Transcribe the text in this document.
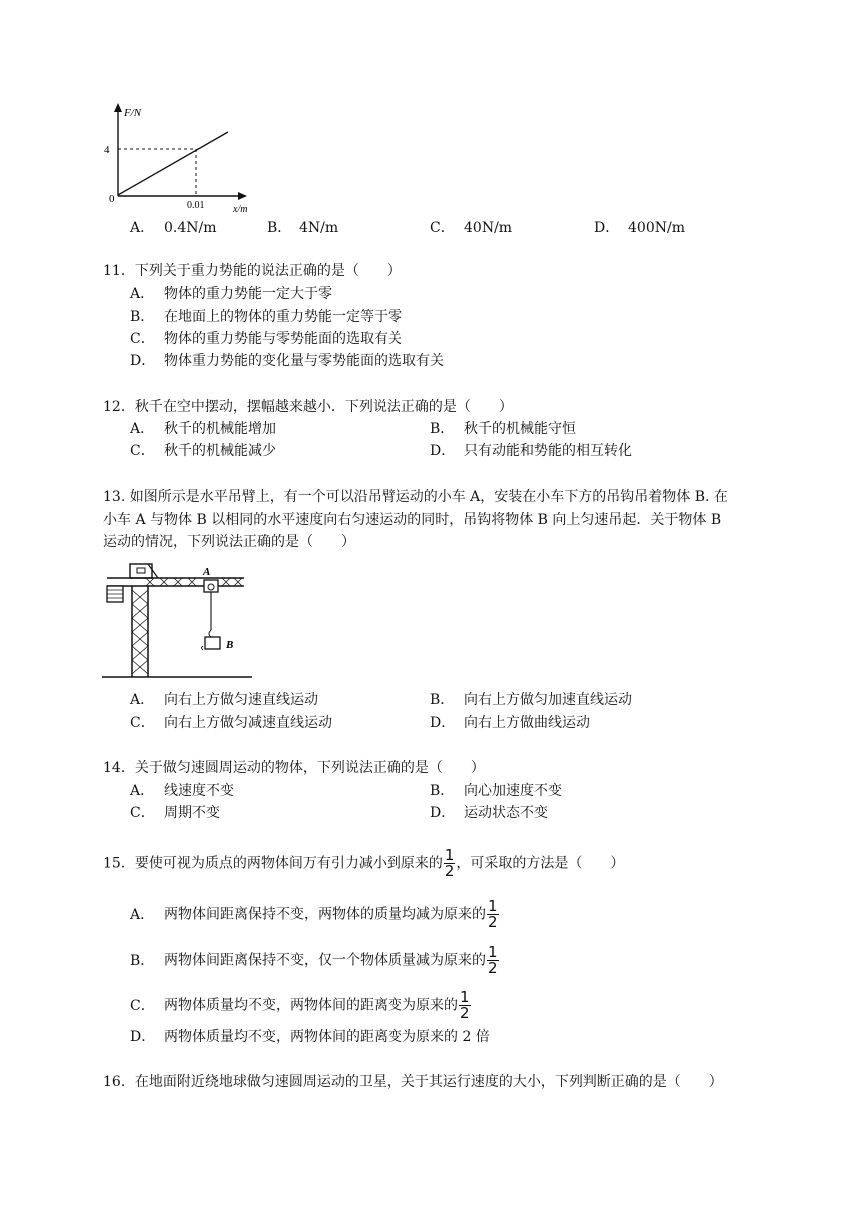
F/N
4
0
0.01	x/m
A． 0.4N/m	B． 4N/m	C． 40N/m	D． 400N/m
11．下列关于重力势能的说法正确的是（　　）
A． 物体的重力势能一定大于零
B． 在地面上的物体的重力势能一定等于零
C． 物体的重力势能与零势能面的选取有关
D． 物体重力势能的变化量与零势能面的选取有关
12．秋千在空中摆动，摆幅越来越小．下列说法正确的是（　　）
A． 秋千的机械能增加	B． 秋千的机械能守恒
C． 秋千的机械能减少	D． 只有动能和势能的相互转化
13. 如图所示是水平吊臂上，有一个可以沿吊臂运动的小车 A，安装在小车下方的吊钩吊着物体 B. 在
小车 A 与物体 B 以相同的水平速度向右匀速运动的同时，吊钩将物体 B 向上匀速吊起．关于物体 B
运动的情况，下列说法正确的是（　　）
A
B
A． 向右上方做匀速直线运动	B． 向右上方做匀加速直线运动
C． 向右上方做匀减速直线运动	D． 向右上方做曲线运动
14．关于做匀速圆周运动的物体，下列说法正确的是（　　）
A． 线速度不变	B． 向心加速度不变
C． 周期不变	D． 运动状态不变
15．要使可视为质点的两物体间万有引力减小到原来的 $\frac{1}{2}$ ，可采取的方法是（　　）
A． 两物体间距离保持不变，两物体的质量均减为原来的 $\frac{1}{2}$
B． 两物体间距离保持不变，仅一个物体质量减为原来的 $\frac{1}{2}$
C． 两物体质量均不变，两物体间的距离变为原来的 $\frac{1}{2}$
D． 两物体质量均不变，两物体间的距离变为原来的 2 倍
16．在地面附近绕地球做匀速圆周运动的卫星，关于其运行速度的大小，下列判断正确的是（　　）
